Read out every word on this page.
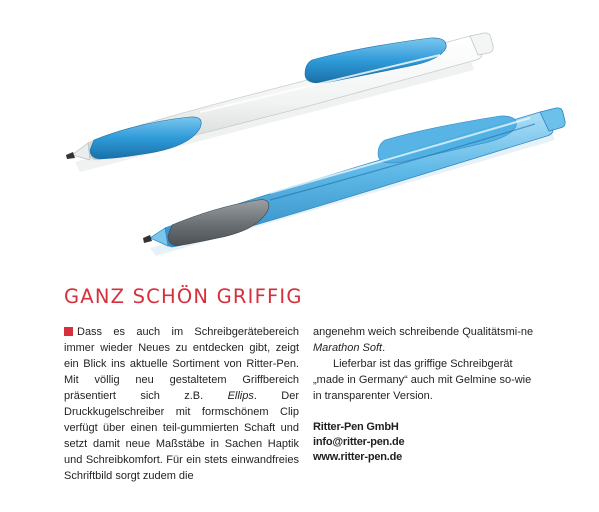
GANZ SCHÖN GRIFFIG

Dass es auch im Schreibgerätebereich immer wieder Neues zu entdecken gibt, zeigt ein Blick ins aktuelle Sortiment von Ritter-Pen. Mit völlig neu gestaltetem Griffbereich präsentiert sich z.B. Ellips. Der Druckkugelschreiber mit formschönem Clip verfügt über einen teil-gummierten Schaft und setzt damit neue Maßstäbe in Sachen Haptik und Schreibkomfort. Für ein stets einwandfreies Schriftbild sorgt zudem die

angenehm weich schreibende Qualitätsmi-ne Marathon Soft.

Lieferbar ist das griffige Schreibgerät „made in Germany“ auch mit Gelmine so-wie in transparenter Version.

Ritter-Pen GmbH
info@ritter-pen.de
www.ritter-pen.de
